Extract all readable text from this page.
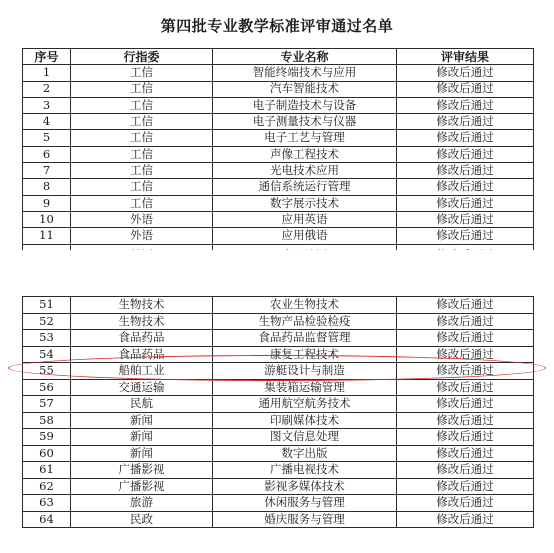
第四批专业教学标准评审通过名单
序号	行指委	专业名称	评审结果
1	工信	智能终端技术与应用	修改后通过
2	工信	汽车智能技术	修改后通过
3	工信	电子制造技术与设备	修改后通过
4	工信	电子测量技术与仪器	修改后通过
5	工信	电子工艺与管理	修改后通过
6	工信	声像工程技术	修改后通过
7	工信	光电技术应用	修改后通过
8	工信	通信系统运行管理	修改后通过
9	工信	数字展示技术	修改后通过
10	外语	应用英语	修改后通过
11	外语	应用俄语	修改后通过

51	生物技术	农业生物技术	修改后通过
52	生物技术	生物产品检验检疫	修改后通过
53	食品药品	食品药品监督管理	修改后通过
54	食品药品	康复工程技术	修改后通过
55	船舶工业	游艇设计与制造	修改后通过
56	交通运输	集装箱运输管理	修改后通过
57	民航	通用航空航务技术	修改后通过
58	新闻	印刷媒体技术	修改后通过
59	新闻	图文信息处理	修改后通过
60	新闻	数字出版	修改后通过
61	广播影视	广播电视技术	修改后通过
62	广播影视	影视多媒体技术	修改后通过
63	旅游	休闲服务与管理	修改后通过
64	民政	婚庆服务与管理	修改后通过
